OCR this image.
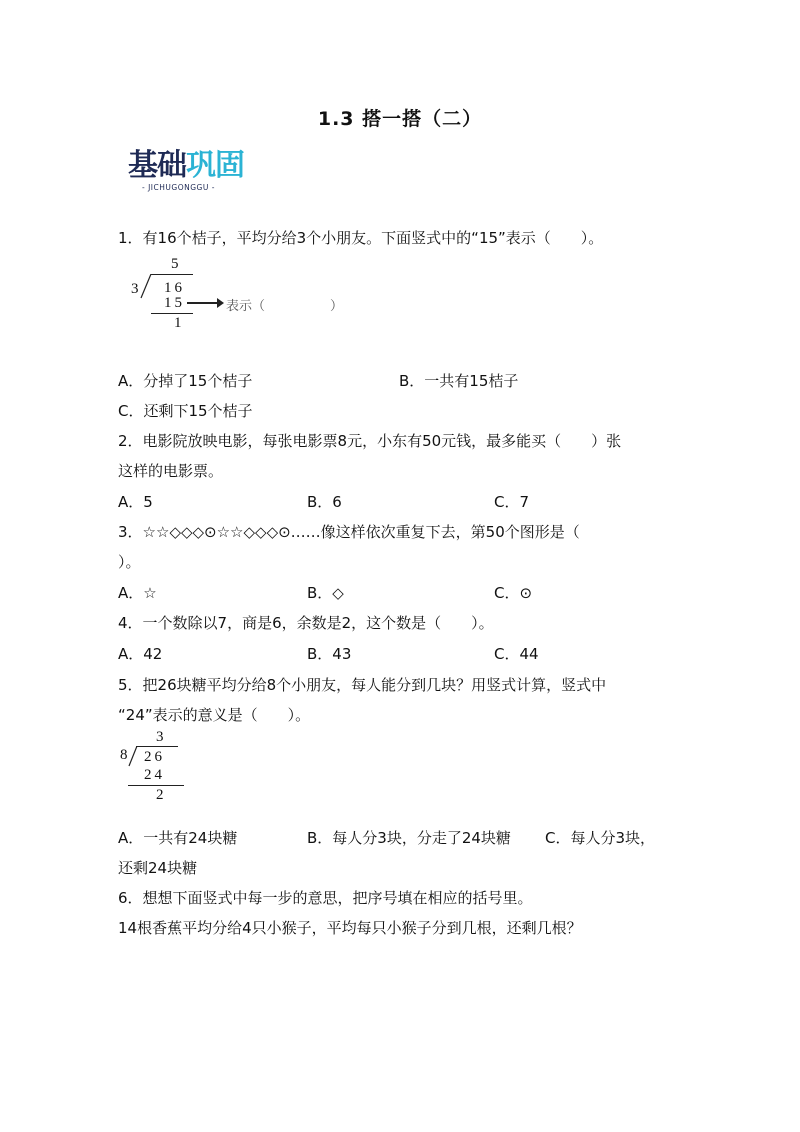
1.3 搭一搭（二）
基础巩固
- JICHUGONGGU -
1．有16个桔子，平均分给3个小朋友。下面竖式中的“15”表示（　　）。
5
3 16
15	表示（　　　　　）
1
A．分掉了15个桔子	B．一共有15桔子
C．还剩下15个桔子
2．电影院放映电影，每张电影票8元，小东有50元钱，最多能买（　　）张
这样的电影票。
A．5	B．6	C．7
3．☆☆◇◇◇⊙☆☆◇◇◇⊙……像这样依次重复下去，第50个图形是（
）。
A．☆	B．◇	C．⊙
4．一个数除以7，商是6，余数是2，这个数是（　　）。
A．42	B．43	C．44
5．把26块糖平均分给8个小朋友，每人能分到几块？用竖式计算，竖式中
“24”表示的意义是（　　）。
3
8 26
24
2
A．一共有24块糖	B．每人分3块，分走了24块糖 C．每人分3块，
还剩24块糖
6．想想下面竖式中每一步的意思，把序号填在相应的括号里。
14根香蕉平均分给4只小猴子，平均每只小猴子分到几根，还剩几根？
